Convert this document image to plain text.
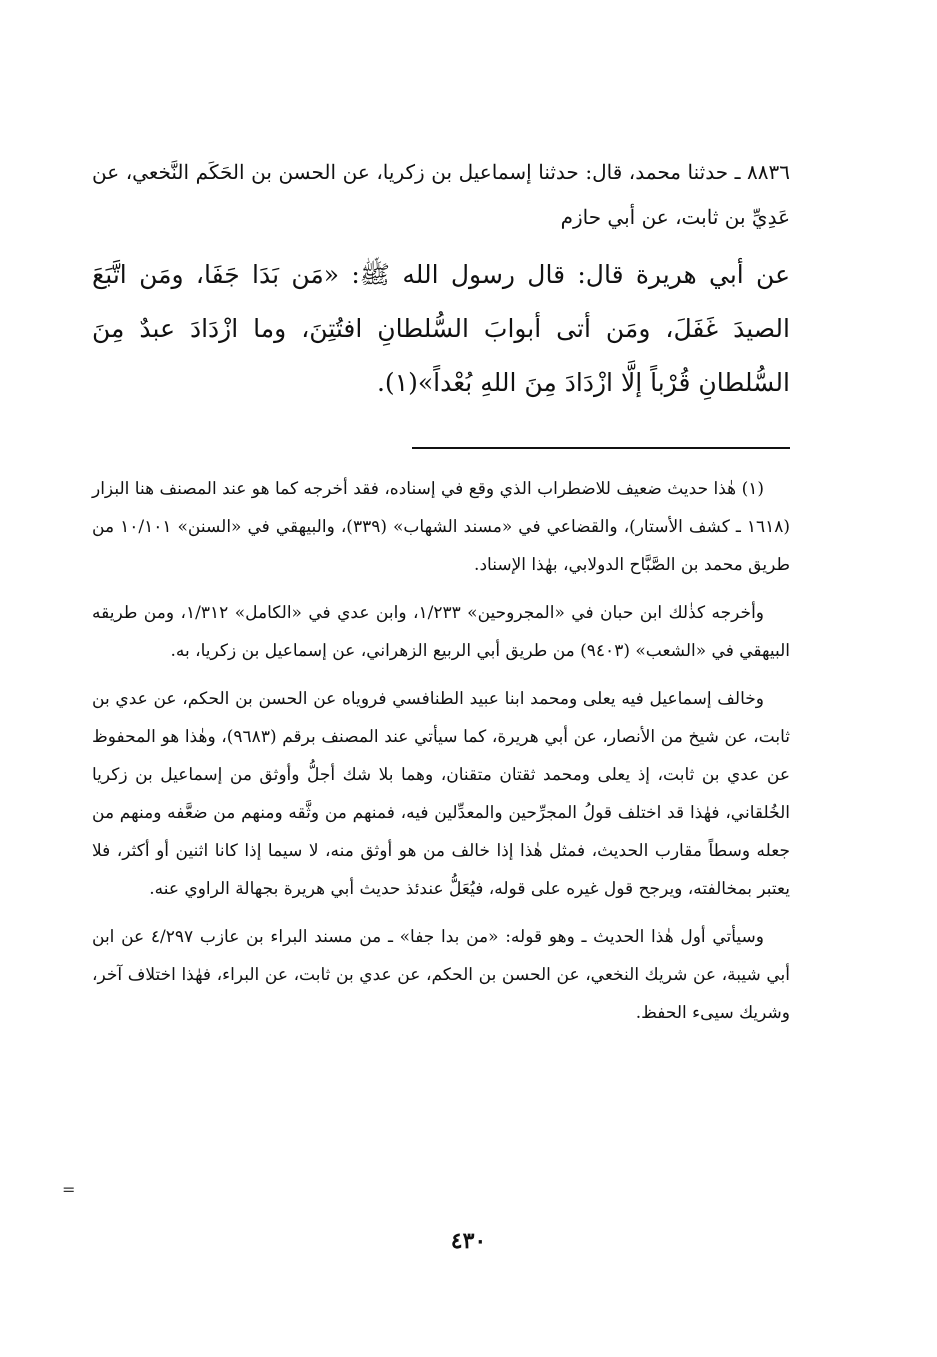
٨٨٣٦ ـ حدثنا محمد، قال: حدثنا إسماعيل بن زكريا، عن الحسن بن الحَكَم النَّخعي، عن عَدِيِّ بن ثابت، عن أبي حازم

عن أبي هريرة قال: قال رسول الله ﷺ: «مَن بَدَا جَفَا، ومَن اتَّبَعَ الصيدَ غَفَلَ، ومَن أتى أبوابَ السُّلطانِ افتُتِنَ، وما ازْدَادَ عبدٌ مِنَ السُّلطانِ قُرْباً إلَّا ازْدَادَ مِنَ اللهِ بُعْداً»(١).

(١) هٰذا حديث ضعيف للاضطراب الذي وقع في إسناده، فقد أخرجه كما هو عند المصنف هنا البزار (١٦١٨ ـ كشف الأستار)، والقضاعي في «مسند الشهاب» (٣٣٩)، والبيهقي في «السنن» ١٠/١٠١ من طريق محمد بن الصَّبَّاح الدولابي، بهٰذا الإسناد.

وأخرجه كذٰلك ابن حبان في «المجروحين» ١/٢٣٣، وابن عدي في «الكامل» ١/٣١٢، ومن طريقه البيهقي في «الشعب» (٩٤٠٣) من طريق أبي الربيع الزهراني، عن إسماعيل بن زكريا، به.

وخالف إسماعيل فيه يعلى ومحمد ابنا عبيد الطنافسي فروياه عن الحسن بن الحكم، عن عدي بن ثابت، عن شيخ من الأنصار، عن أبي هريرة، كما سيأتي عند المصنف برقم (٩٦٨٣)، وهٰذا هو المحفوظ عن عدي بن ثابت، إذ يعلى ومحمد ثقتان متقنان، وهما بلا شك أجلُّ وأوثق من إسماعيل بن زكريا الخُلقاني، فهٰذا قد اختلف قولُ المجرِّحين والمعدِّلين فيه، فمنهم من وثَّقه ومنهم من ضعَّفه ومنهم من جعله وسطاً مقارب الحديث، فمثل هٰذا إذا خالف من هو أوثق منه، لا سيما إذا كانا اثنين أو أكثر، فلا يعتبر بمخالفته، ويرجح قول غيره على قوله، فيُعَلُّ عندئذ حديث أبي هريرة بجهالة الراوي عنه.

وسيأتي أول هٰذا الحديث ـ وهو قوله: «من بدا جفا» ـ من مسند البراء بن عازب ٤/٢٩٧ عن ابن أبي شيبة، عن شريك النخعي، عن الحسن بن الحكم، عن عدي بن ثابت، عن البراء، فهٰذا اختلاف آخر، وشريك سيىء الحفظ.

=
٤٣٠
